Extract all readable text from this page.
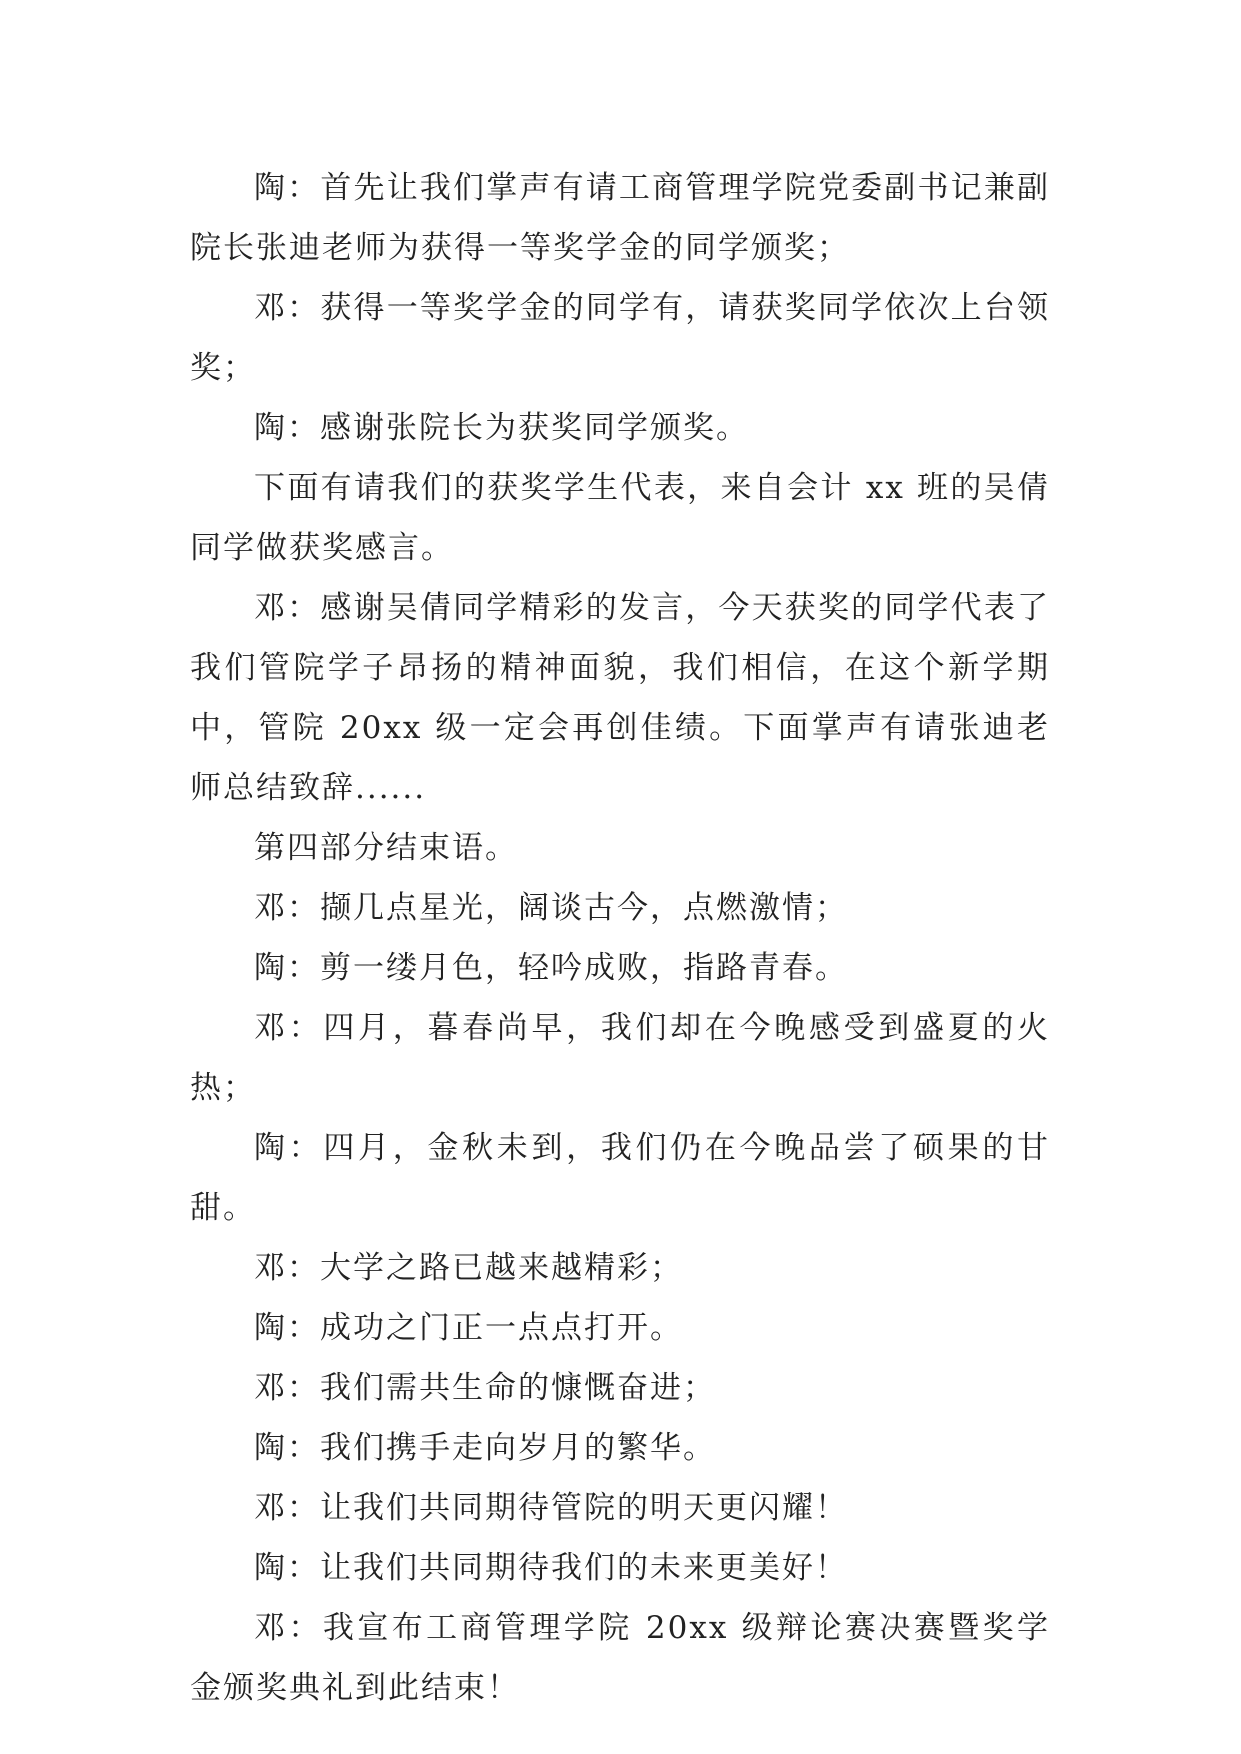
陶：首先让我们掌声有请工商管理学院党委副书记兼副院长张迪老师为获得一等奖学金的同学颁奖；

邓：获得一等奖学金的同学有，请获奖同学依次上台领奖；

陶：感谢张院长为获奖同学颁奖。

下面有请我们的获奖学生代表，来自会计 xx 班的吴倩同学做获奖感言。

邓：感谢吴倩同学精彩的发言，今天获奖的同学代表了我们管院学子昂扬的精神面貌，我们相信，在这个新学期中，管院 20xx 级一定会再创佳绩。下面掌声有请张迪老师总结致辞......

第四部分结束语。

邓：撷几点星光，阔谈古今，点燃激情；

陶：剪一缕月色，轻吟成败，指路青春。

邓：四月，暮春尚早，我们却在今晚感受到盛夏的火热；

陶：四月，金秋未到，我们仍在今晚品尝了硕果的甘甜。

邓：大学之路已越来越精彩；

陶：成功之门正一点点打开。

邓：我们需共生命的慷慨奋进；

陶：我们携手走向岁月的繁华。

邓：让我们共同期待管院的明天更闪耀！

陶：让我们共同期待我们的未来更美好！

邓：我宣布工商管理学院 20xx 级辩论赛决赛暨奖学金颁奖典礼到此结束！
